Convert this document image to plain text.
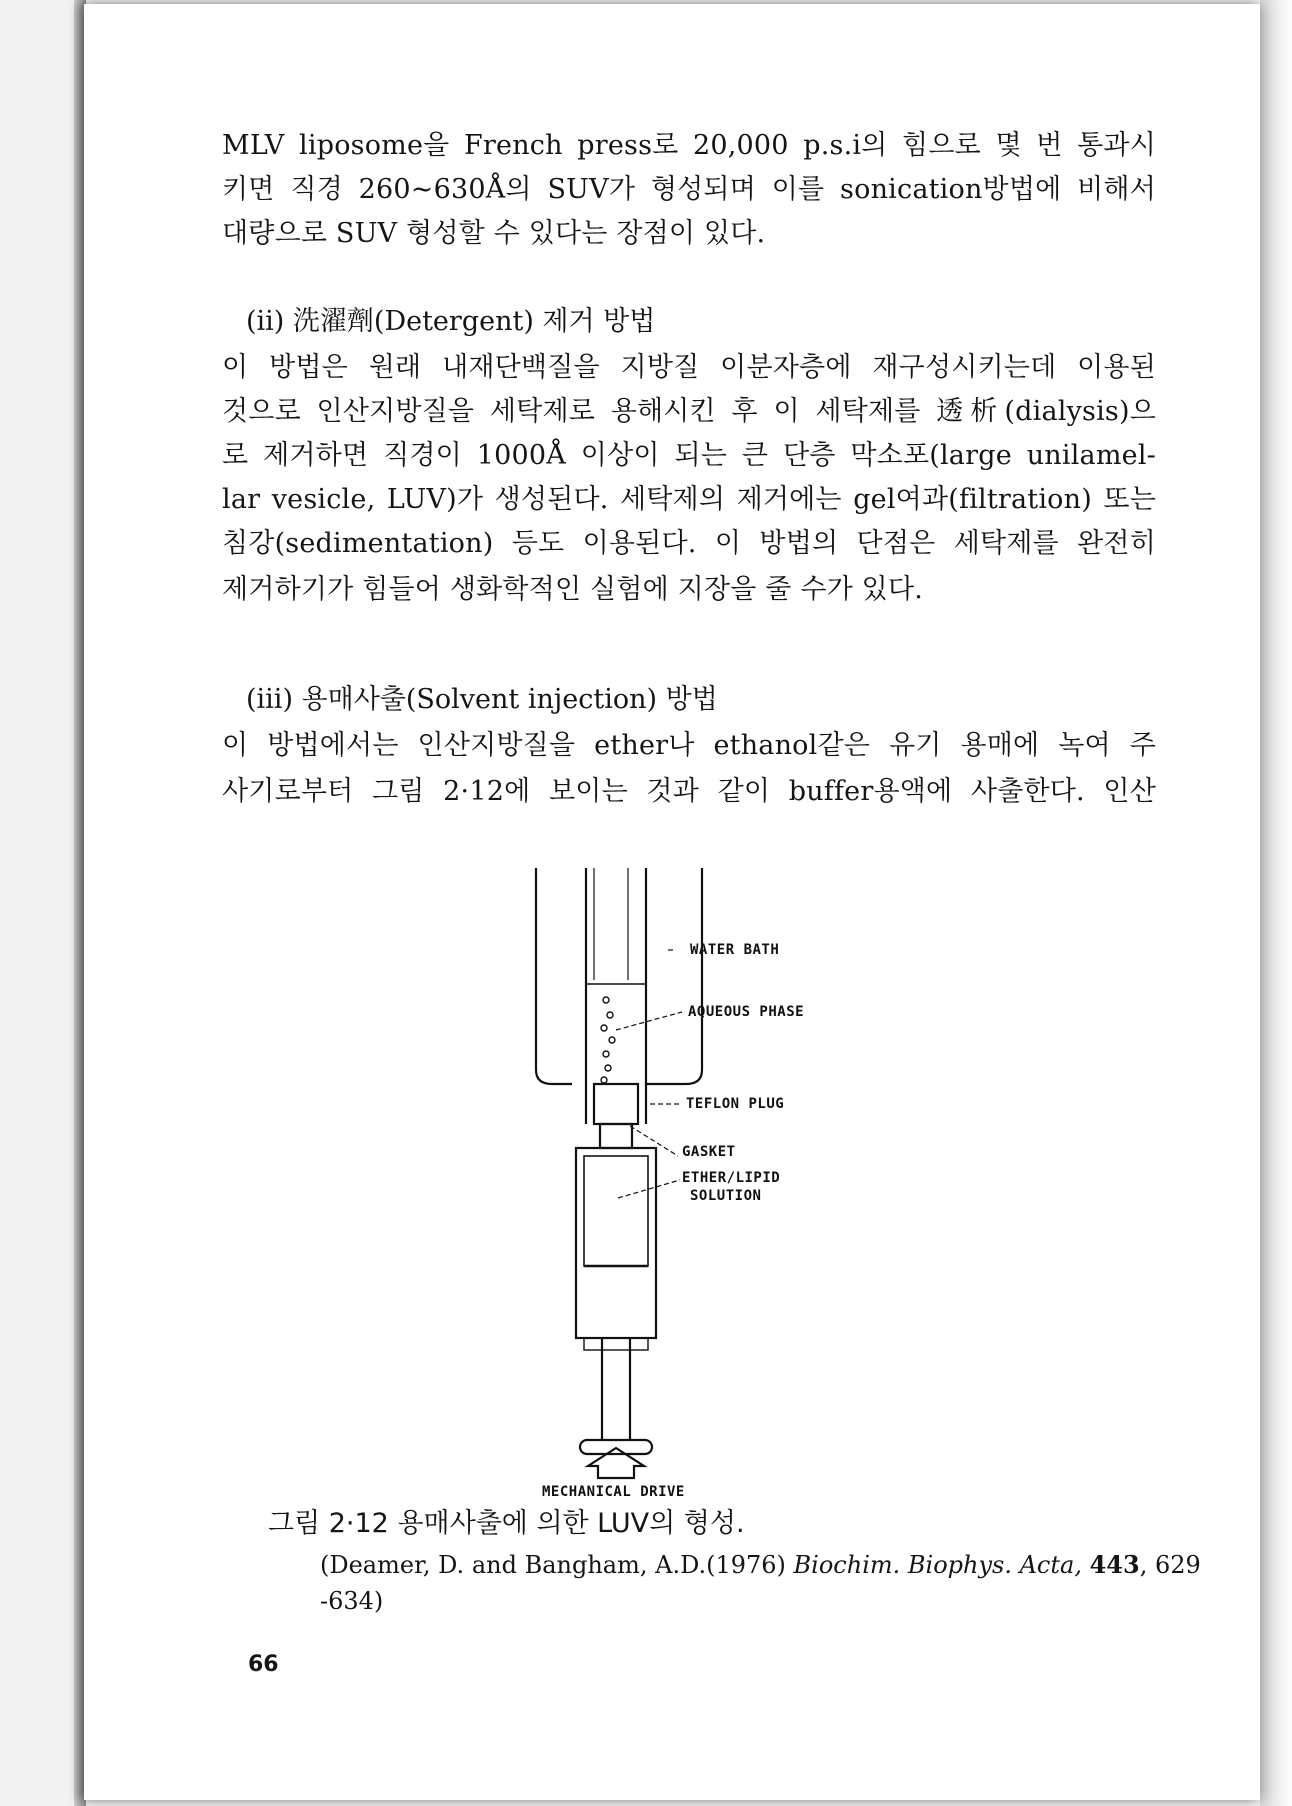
MLV liposome을 French press로 20,000 p.s.i의 힘으로 몇 번 통과시
키면 직경 260∼630Å의 SUV가 형성되며 이를 sonication방법에 비해서
대량으로 SUV 형성할 수 있다는 장점이 있다.
(ⅱ) 洗濯劑(Detergent) 제거 방법
이 방법은 원래 내재단백질을 지방질 이분자층에 재구성시키는데 이용된
것으로 인산지방질을 세탁제로 용해시킨 후 이 세탁제를 透析(dialysis)으
로 제거하면 직경이 1000Å 이상이 되는 큰 단층 막소포(large unilamel-
lar vesicle, LUV)가 생성된다. 세탁제의 제거에는 gel여과(filtration) 또는
침강(sedimentation) 등도 이용된다. 이 방법의 단점은 세탁제를 완전히
제거하기가 힘들어 생화학적인 실험에 지장을 줄 수가 있다.
(ⅲ) 용매사출(Solvent injection) 방법
이 방법에서는 인산지방질을 ether나 ethanol같은 유기 용매에 녹여 주
사기로부터 그림 2·12에 보이는 것과 같이 buffer용액에 사출한다. 인산
WATER BATH
AQUEOUS PHASE
TEFLON PLUG
GASKET
ETHER/LIPID
SOLUTION
MECHANICAL DRIVE
그림 2·12 용매사출에 의한 LUV의 형성.
(Deamer, D. and Bangham, A.D.(1976) Biochim. Biophys. Acta, 443, 629
-634)
66
